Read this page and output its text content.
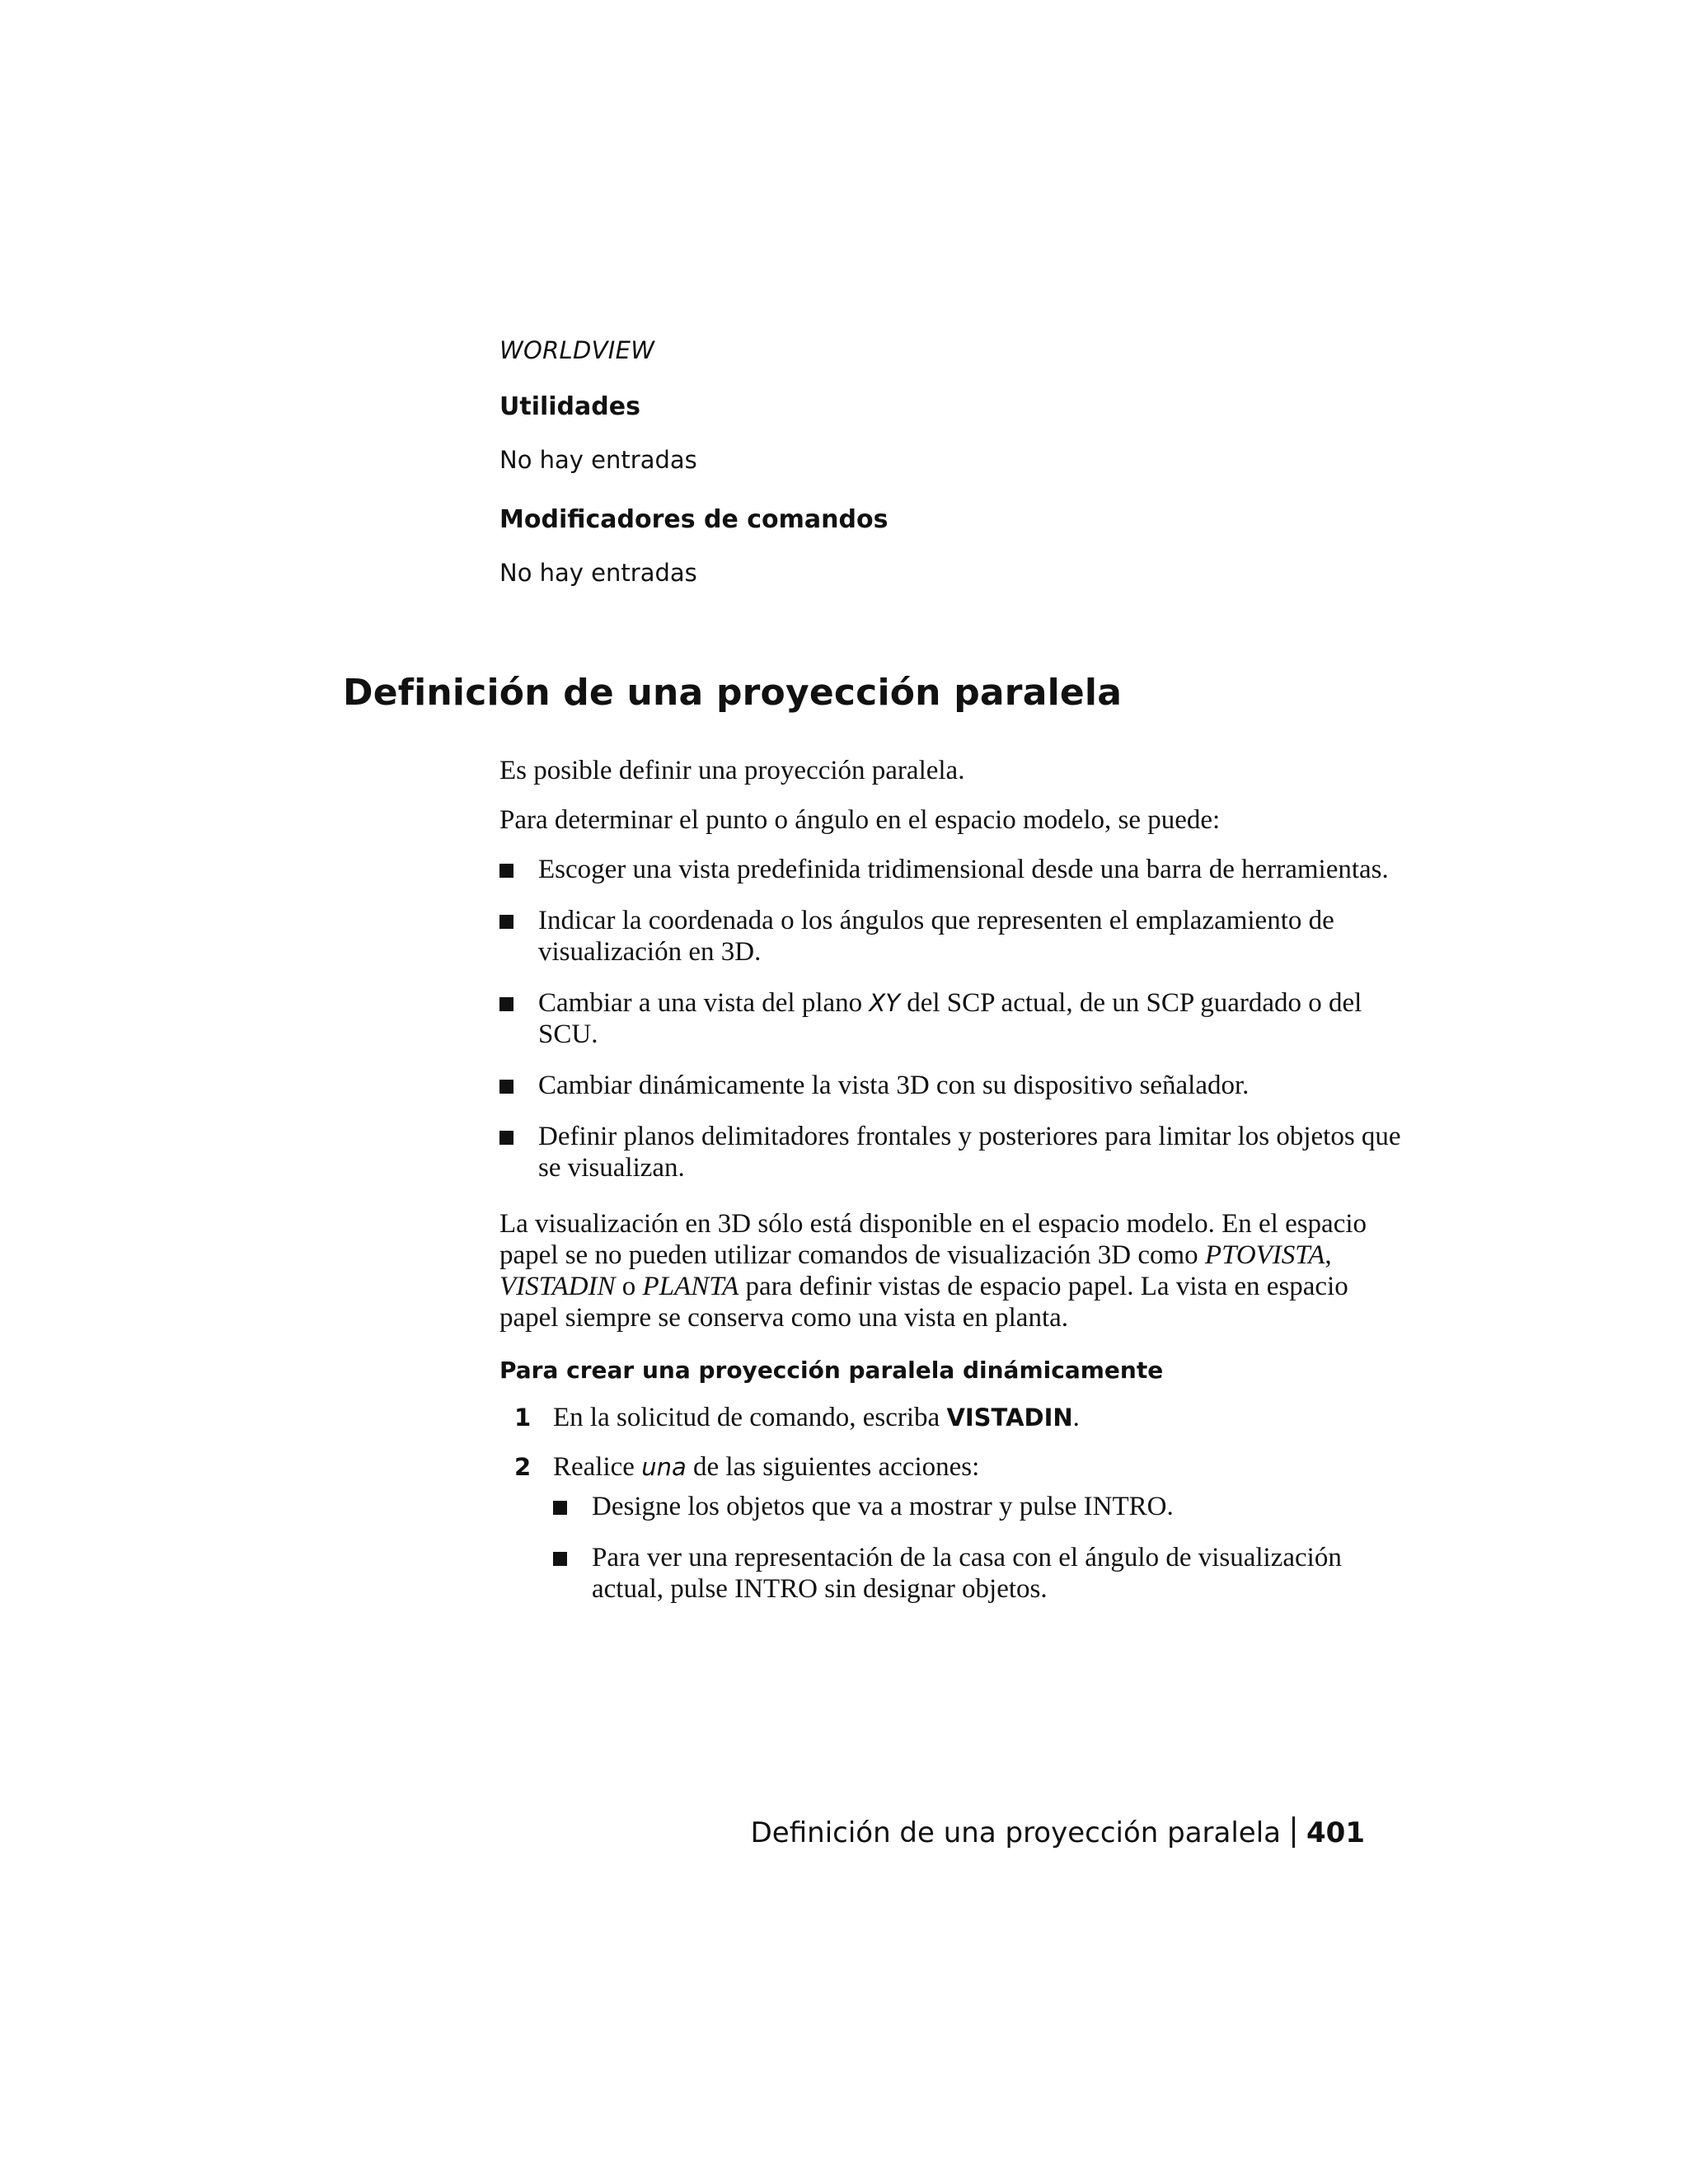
WORLDVIEW

Utilidades

No hay entradas

Modificadores de comandos

No hay entradas

Definición de una proyección paralela

Es posible definir una proyección paralela.

Para determinar el punto o ángulo en el espacio modelo, se puede:

Escoger una vista predefinida tridimensional desde una barra de herramientas.
Indicar la coordenada o los ángulos que representen el emplazamiento de visualización en 3D.
Cambiar a una vista del plano XY del SCP actual, de un SCP guardado o del SCU.
Cambiar dinámicamente la vista 3D con su dispositivo señalador.
Definir planos delimitadores frontales y posteriores para limitar los objetos que se visualizan.

La visualización en 3D sólo está disponible en el espacio modelo. En el espacio papel se no pueden utilizar comandos de visualización 3D como PTOVISTA, VISTADIN o PLANTA para definir vistas de espacio papel. La vista en espacio papel siempre se conserva como una vista en planta.

Para crear una proyección paralela dinámicamente

1 En la solicitud de comando, escriba VISTADIN.
2 Realice una de las siguientes acciones:
Designe los objetos que va a mostrar y pulse INTRO.
Para ver una representación de la casa con el ángulo de visualización actual, pulse INTRO sin designar objetos.
Definición de una proyección paralela 401
